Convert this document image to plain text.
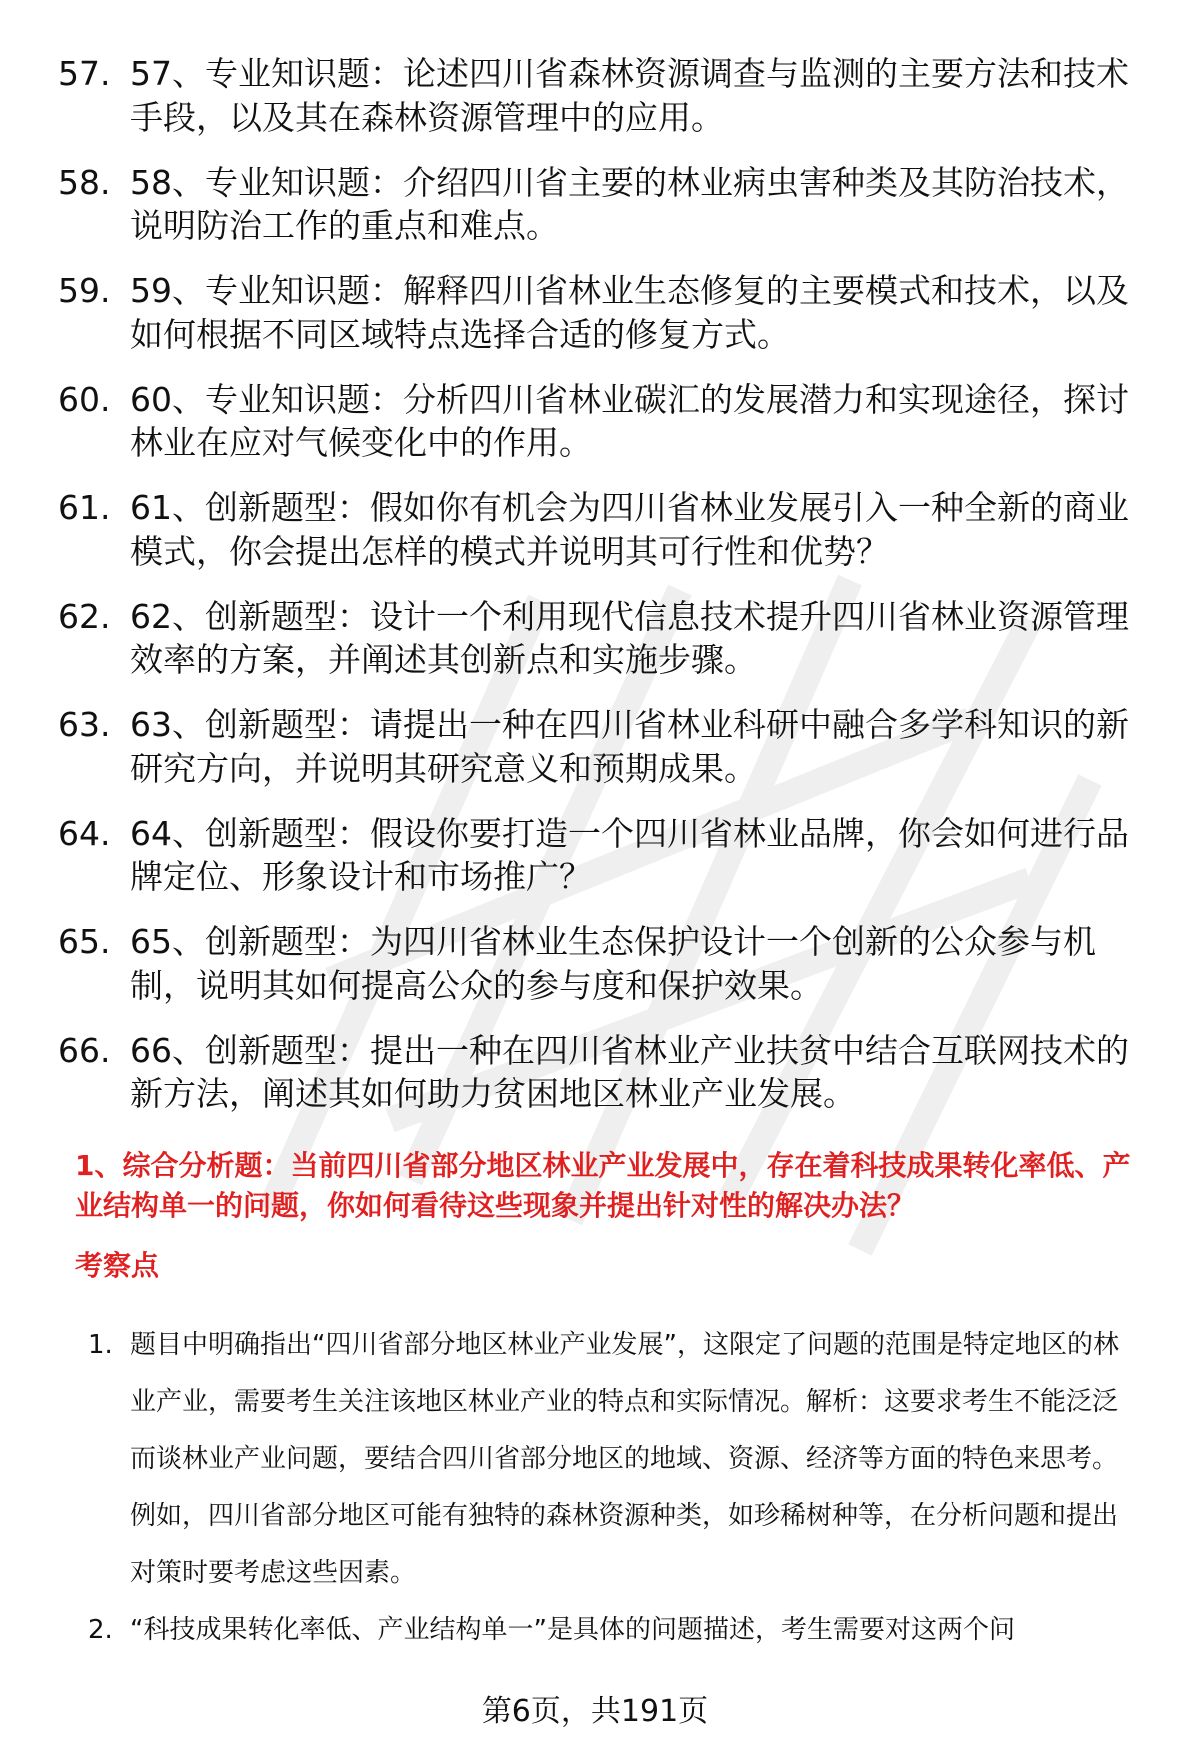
57. 57、专业知识题：论述四川省森林资源调查与监测的主要方法和技术手段，以及其在森林资源管理中的应用。
58. 58、专业知识题：介绍四川省主要的林业病虫害种类及其防治技术，说明防治工作的重点和难点。
59. 59、专业知识题：解释四川省林业生态修复的主要模式和技术，以及如何根据不同区域特点选择合适的修复方式。
60. 60、专业知识题：分析四川省林业碳汇的发展潜力和实现途径，探讨林业在应对气候变化中的作用。
61. 61、创新题型：假如你有机会为四川省林业发展引入一种全新的商业模式，你会提出怎样的模式并说明其可行性和优势？
62. 62、创新题型：设计一个利用现代信息技术提升四川省林业资源管理效率的方案，并阐述其创新点和实施步骤。
63. 63、创新题型：请提出一种在四川省林业科研中融合多学科知识的新研究方向，并说明其研究意义和预期成果。
64. 64、创新题型：假设你要打造一个四川省林业品牌，你会如何进行品牌定位、形象设计和市场推广？
65. 65、创新题型：为四川省林业生态保护设计一个创新的公众参与机制，说明其如何提高公众的参与度和保护效果。
66. 66、创新题型：提出一种在四川省林业产业扶贫中结合互联网技术的新方法，阐述其如何助力贫困地区林业产业发展。

1、综合分析题：当前四川省部分地区林业产业发展中，存在着科技成果转化率低、产业结构单一的问题，你如何看待这些现象并提出针对性的解决办法？

考察点

1. 题目中明确指出“四川省部分地区林业产业发展”，这限定了问题的范围是特定地区的林业产业，需要考生关注该地区林业产业的特点和实际情况。解析：这要求考生不能泛泛而谈林业产业问题，要结合四川省部分地区的地域、资源、经济等方面的特色来思考。例如，四川省部分地区可能有独特的森林资源种类，如珍稀树种等，在分析问题和提出对策时要考虑这些因素。
2. “科技成果转化率低、产业结构单一”是具体的问题描述，考生需要对这两个问
第6页，共191页
